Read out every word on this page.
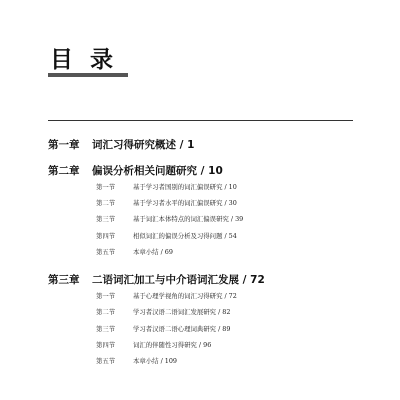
目录
第一章 词汇习得研究概述 / 1
第二章 偏误分析相关问题研究 / 10
第一节	基于学习者国别的词汇偏误研究 / 10
第二节	基于学习者水平的词汇偏误研究 / 30
第三节	基于词汇本体特点的词汇偏误研究 / 39
第四节	相似词汇的偏误分析及习得问题 / 54
第五节	本章小结 / 69
第三章 二语词汇加工与中介语词汇发展 / 72
第一节	基于心理学视角的词汇习得研究 / 72
第二节	学习者汉语二语词汇发展研究 / 82
第三节	学习者汉语二语心理词典研究 / 89
第四节	词汇的伴随性习得研究 / 96
第五节	本章小结 / 109
